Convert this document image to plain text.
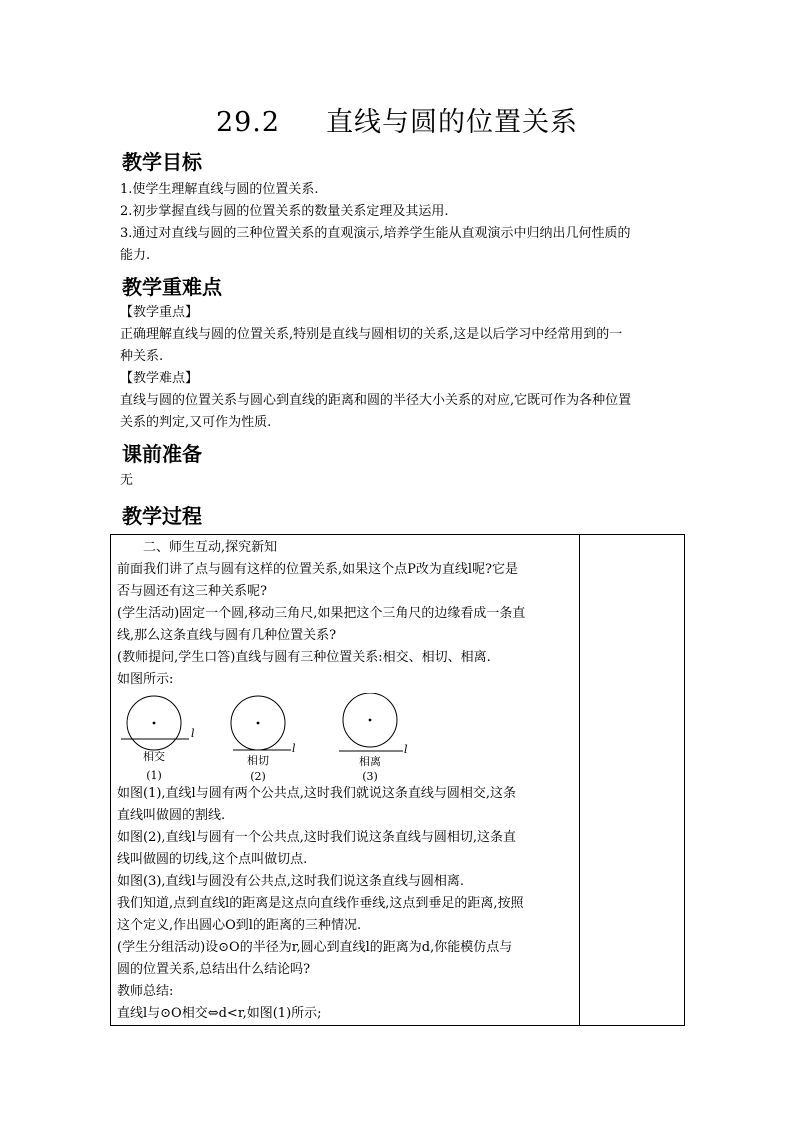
29.2 直线与圆的位置关系
教学目标
1.使学生理解直线与圆的位置关系.
2.初步掌握直线与圆的位置关系的数量关系定理及其运用.
3.通过对直线与圆的三种位置关系的直观演示,培养学生能从直观演示中归纳出几何性质的
能力.
教学重难点
【教学重点】
正确理解直线与圆的位置关系,特别是直线与圆相切的关系,这是以后学习中经常用到的一
种关系.
【教学难点】
直线与圆的位置关系与圆心到直线的距离和圆的半径大小关系的对应,它既可作为各种位置
关系的判定,又可作为性质.
课前准备
无
教学过程
二、师生互动,探究新知
前面我们讲了点与圆有这样的位置关系,如果这个点P改为直线l呢?它是
否与圆还有这三种关系呢?
(学生活动)固定一个圆,移动三角尺,如果把这个三角尺的边缘看成一条直
线,那么这条直线与圆有几种位置关系?
(教师提问,学生口答)直线与圆有三种位置关系:相交、相切、相离.
如图所示:
l
相交
(1)
l
相切
(2)
l
相离
(3)
如图(1),直线l与圆有两个公共点,这时我们就说这条直线与圆相交,这条
直线叫做圆的割线.
如图(2),直线l与圆有一个公共点,这时我们说这条直线与圆相切,这条直
线叫做圆的切线,这个点叫做切点.
如图(3),直线l与圆没有公共点,这时我们说这条直线与圆相离.
我们知道,点到直线l的距离是这点向直线作垂线,这点到垂足的距离,按照
这个定义,作出圆心O到l的距离的三种情况.
(学生分组活动)设⊙O的半径为r,圆心到直线l的距离为d,你能模仿点与
圆的位置关系,总结出什么结论吗?
教师总结:
直线l与⊙O相交⇔d<r,如图(1)所示;
